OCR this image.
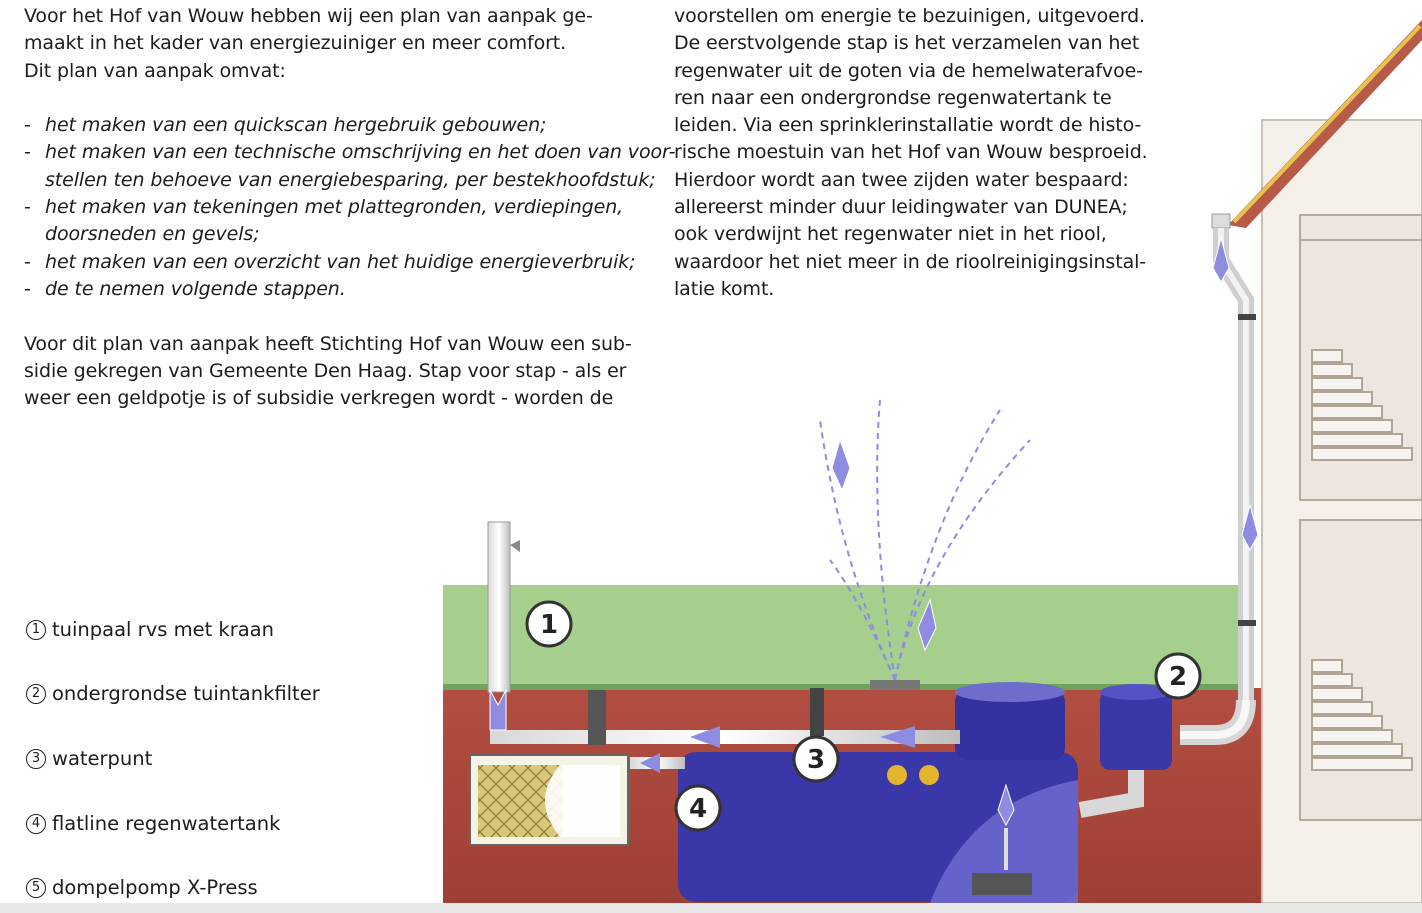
Voor het Hof van Wouw hebben wij een plan van aanpak ge-
maakt in het kader van energiezuiniger en meer comfort.
Dit plan van aanpak omvat:
- het maken van een quickscan hergebruik gebouwen;
- het maken van een technische omschrijving en het doen van voor-
stellen ten behoeve van energiebesparing, per bestekhoofdstuk;
- het maken van tekeningen met plattegronden, verdiepingen,
doorsneden en gevels;
- het maken van een overzicht van het huidige energieverbruik;
- de te nemen volgende stappen.
Voor dit plan van aanpak heeft Stichting Hof van Wouw een sub-
sidie gekregen van Gemeente Den Haag. Stap voor stap - als er
weer een geldpotje is of subsidie verkregen wordt - worden de
voorstellen om energie te bezuinigen, uitgevoerd.
De eerstvolgende stap is het verzamelen van het
regenwater uit de goten via de hemelwaterafvoe-
ren naar een ondergrondse regenwatertank te
leiden. Via een sprinklerinstallatie wordt de histo-
rische moestuin van het Hof van Wouw besproeid.
Hierdoor wordt aan twee zijden water bespaard:
allereerst minder duur leidingwater van DUNEA;
ook verdwijnt het regenwater niet in het riool,
waardoor het niet meer in de rioolreinigingsinstal-
latie komt.
1
2
3
4
1 tuinpaal rvs met kraan
2 ondergrondse tuintankfilter
3 waterpunt
4 flatline regenwatertank
5 dompelpomp X-Press
